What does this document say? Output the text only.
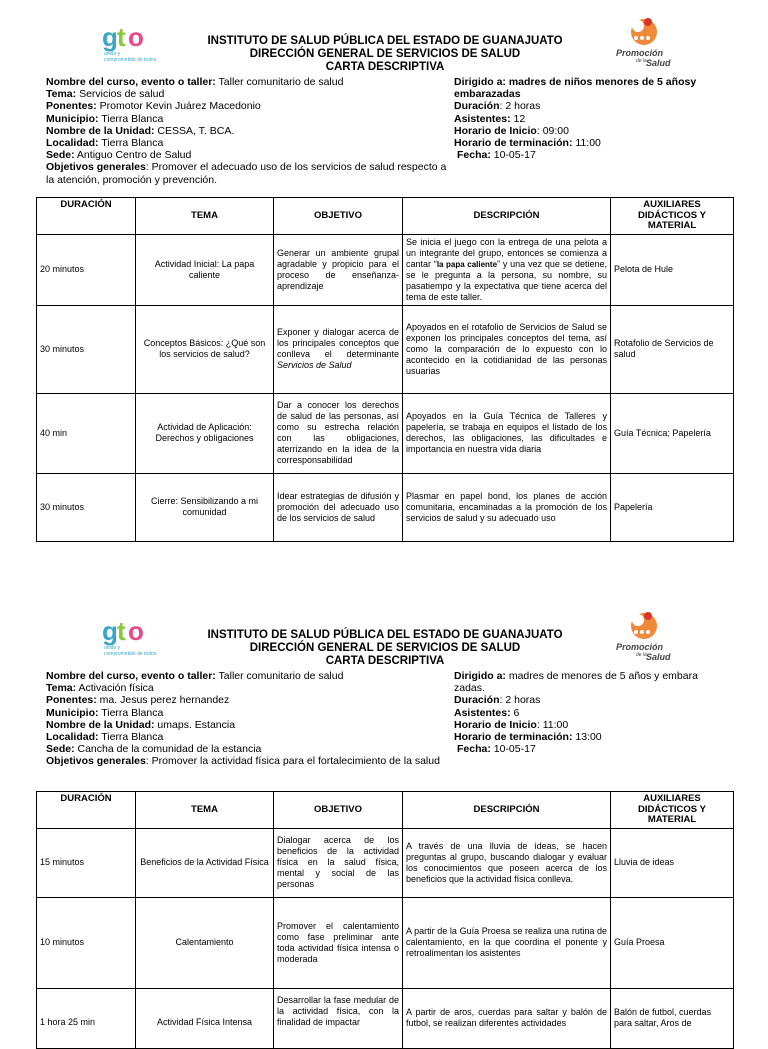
g t o
unido y
comprometido de todos
INSTITUTO DE SALUD PÚBLICA DEL ESTADO DE GUANAJUATO
DIRECCIÓN GENERAL DE SERVICIOS DE SALUD
CARTA DESCRIPTIVA
Promoción
de la Salud
Nombre del curso, evento o taller: Taller comunitario de salud
Tema: Servicios de salud
Ponentes: Promotor Kevin Juárez Macedonio
Municipio: Tierra Blanca
Nombre de la Unidad: CESSA, T. BCA.
Localidad: Tierra Blanca
Sede: Antiguo Centro de Salud
Objetivos generales: Promover el adecuado uso de los servicios de salud respecto a la atención, promoción y prevención.
Dirigido a: madres de niños menores de 5 añosy embarazadas
Duración: 2 horas
Asistentes: 12
Horario de Inicio: 09:00
Horario de terminación: 11:00
Fecha: 10-05-17
DURACIÓN	TEMA	OBJETIVO	DESCRIPCIÓN	AUXILIARES DIDÁCTICOS Y MATERIAL
20 minutos	Actividad Inicial: La papa caliente	Generar un ambiente grupal agradable y propicio para el proceso de enseñanza-aprendizaje	Se inicia el juego con la entrega de una pelota a un integrante del grupo, entonces se comienza a cantar “la papa caliente” y una vez que se detiene, se le pregunta a la persona, su nombre, su pasatiempo y la expectativa que tiene acerca del tema de este taller.	Pelota de Hule
30 minutos	Conceptos Básicos: ¿Qué son los servicios de salud?	Exponer y dialogar acerca de los principales conceptos que conlleva el determinante Servicios de Salud	Apoyados en el rotafolio de Servicios de Salud se exponen los principales conceptos del tema, así como la comparación de lo expuesto con lo acontecido en la cotidianidad de las personas usuarias	Rotafolio de Servicios de salud
40 min	Actividad de Aplicación: Derechos y obligaciones	Dar a conocer los derechos de salud de las personas, así como su estrecha relación con las obligaciones, aterrizando en la idea de la corresponsabilidad	Apoyados en la Guía Técnica de Talleres y papelería, se trabaja en equipos el listado de los derechos, las obligaciones, las dificultades e importancia en nuestra vida diaria	Guía Técnica; Papelería
30 minutos	Cierre: Sensibilizando a mi comunidad	Idear estrategias de difusión y promoción del adecuado uso de los servicios de salud	Plasmar en papel bond, los planes de acción comunitaria, encaminadas a la promoción de los servicios de salud y su adecuado uso	Papelería
g t o
unido y
comprometido de todos
INSTITUTO DE SALUD PÚBLICA DEL ESTADO DE GUANAJUATO
DIRECCIÓN GENERAL DE SERVICIOS DE SALUD
CARTA DESCRIPTIVA
Promoción
de la Salud
Nombre del curso, evento o taller: Taller comunitario de salud
Tema: Activación física
Ponentes: ma. Jesus perez hernandez
Municipio: Tierra Blanca
Nombre de la Unidad: umaps. Estancia
Localidad: Tierra Blanca
Sede: Cancha de la comunidad de la estancia
Objetivos generales: Promover la actividad física para el fortalecimiento de la salud
Dirigido a: madres de menores de 5 años y embara zadas.
Duración: 2 horas
Asistentes: 6
Horario de Inicio: 11:00
Horario de terminación: 13:00
Fecha: 10-05-17
DURACIÓN	TEMA	OBJETIVO	DESCRIPCIÓN	AUXILIARES DIDÁCTICOS Y MATERIAL
15 minutos	Beneficios de la Actividad Física	Dialogar acerca de los beneficios de la actividad física en la salud física, mental y social de las personas	A través de una lluvia de ideas, se hacen preguntas al grupo, buscando dialogar y evaluar los conocimientos que poseen acerca de los beneficios que la actividad física conlleva.	Lluvia de ideas
10 minutos	Calentamiento	Promover el calentamiento como fase preliminar ante toda actividad física intensa o moderada	A partir de la Guía Proesa se realiza una rutina de calentamiento, en la que coordina el ponente y retroalimentan los asistentes	Guía Proesa
1 hora 25 min	Actividad Física Intensa	Desarrollar la fase medular de la actividad física, con la finalidad de impactar	A partir de aros, cuerdas para saltar y balón de futbol, se realizan diferentes actividades	Balón de futbol, cuerdas para saltar, Aros de
